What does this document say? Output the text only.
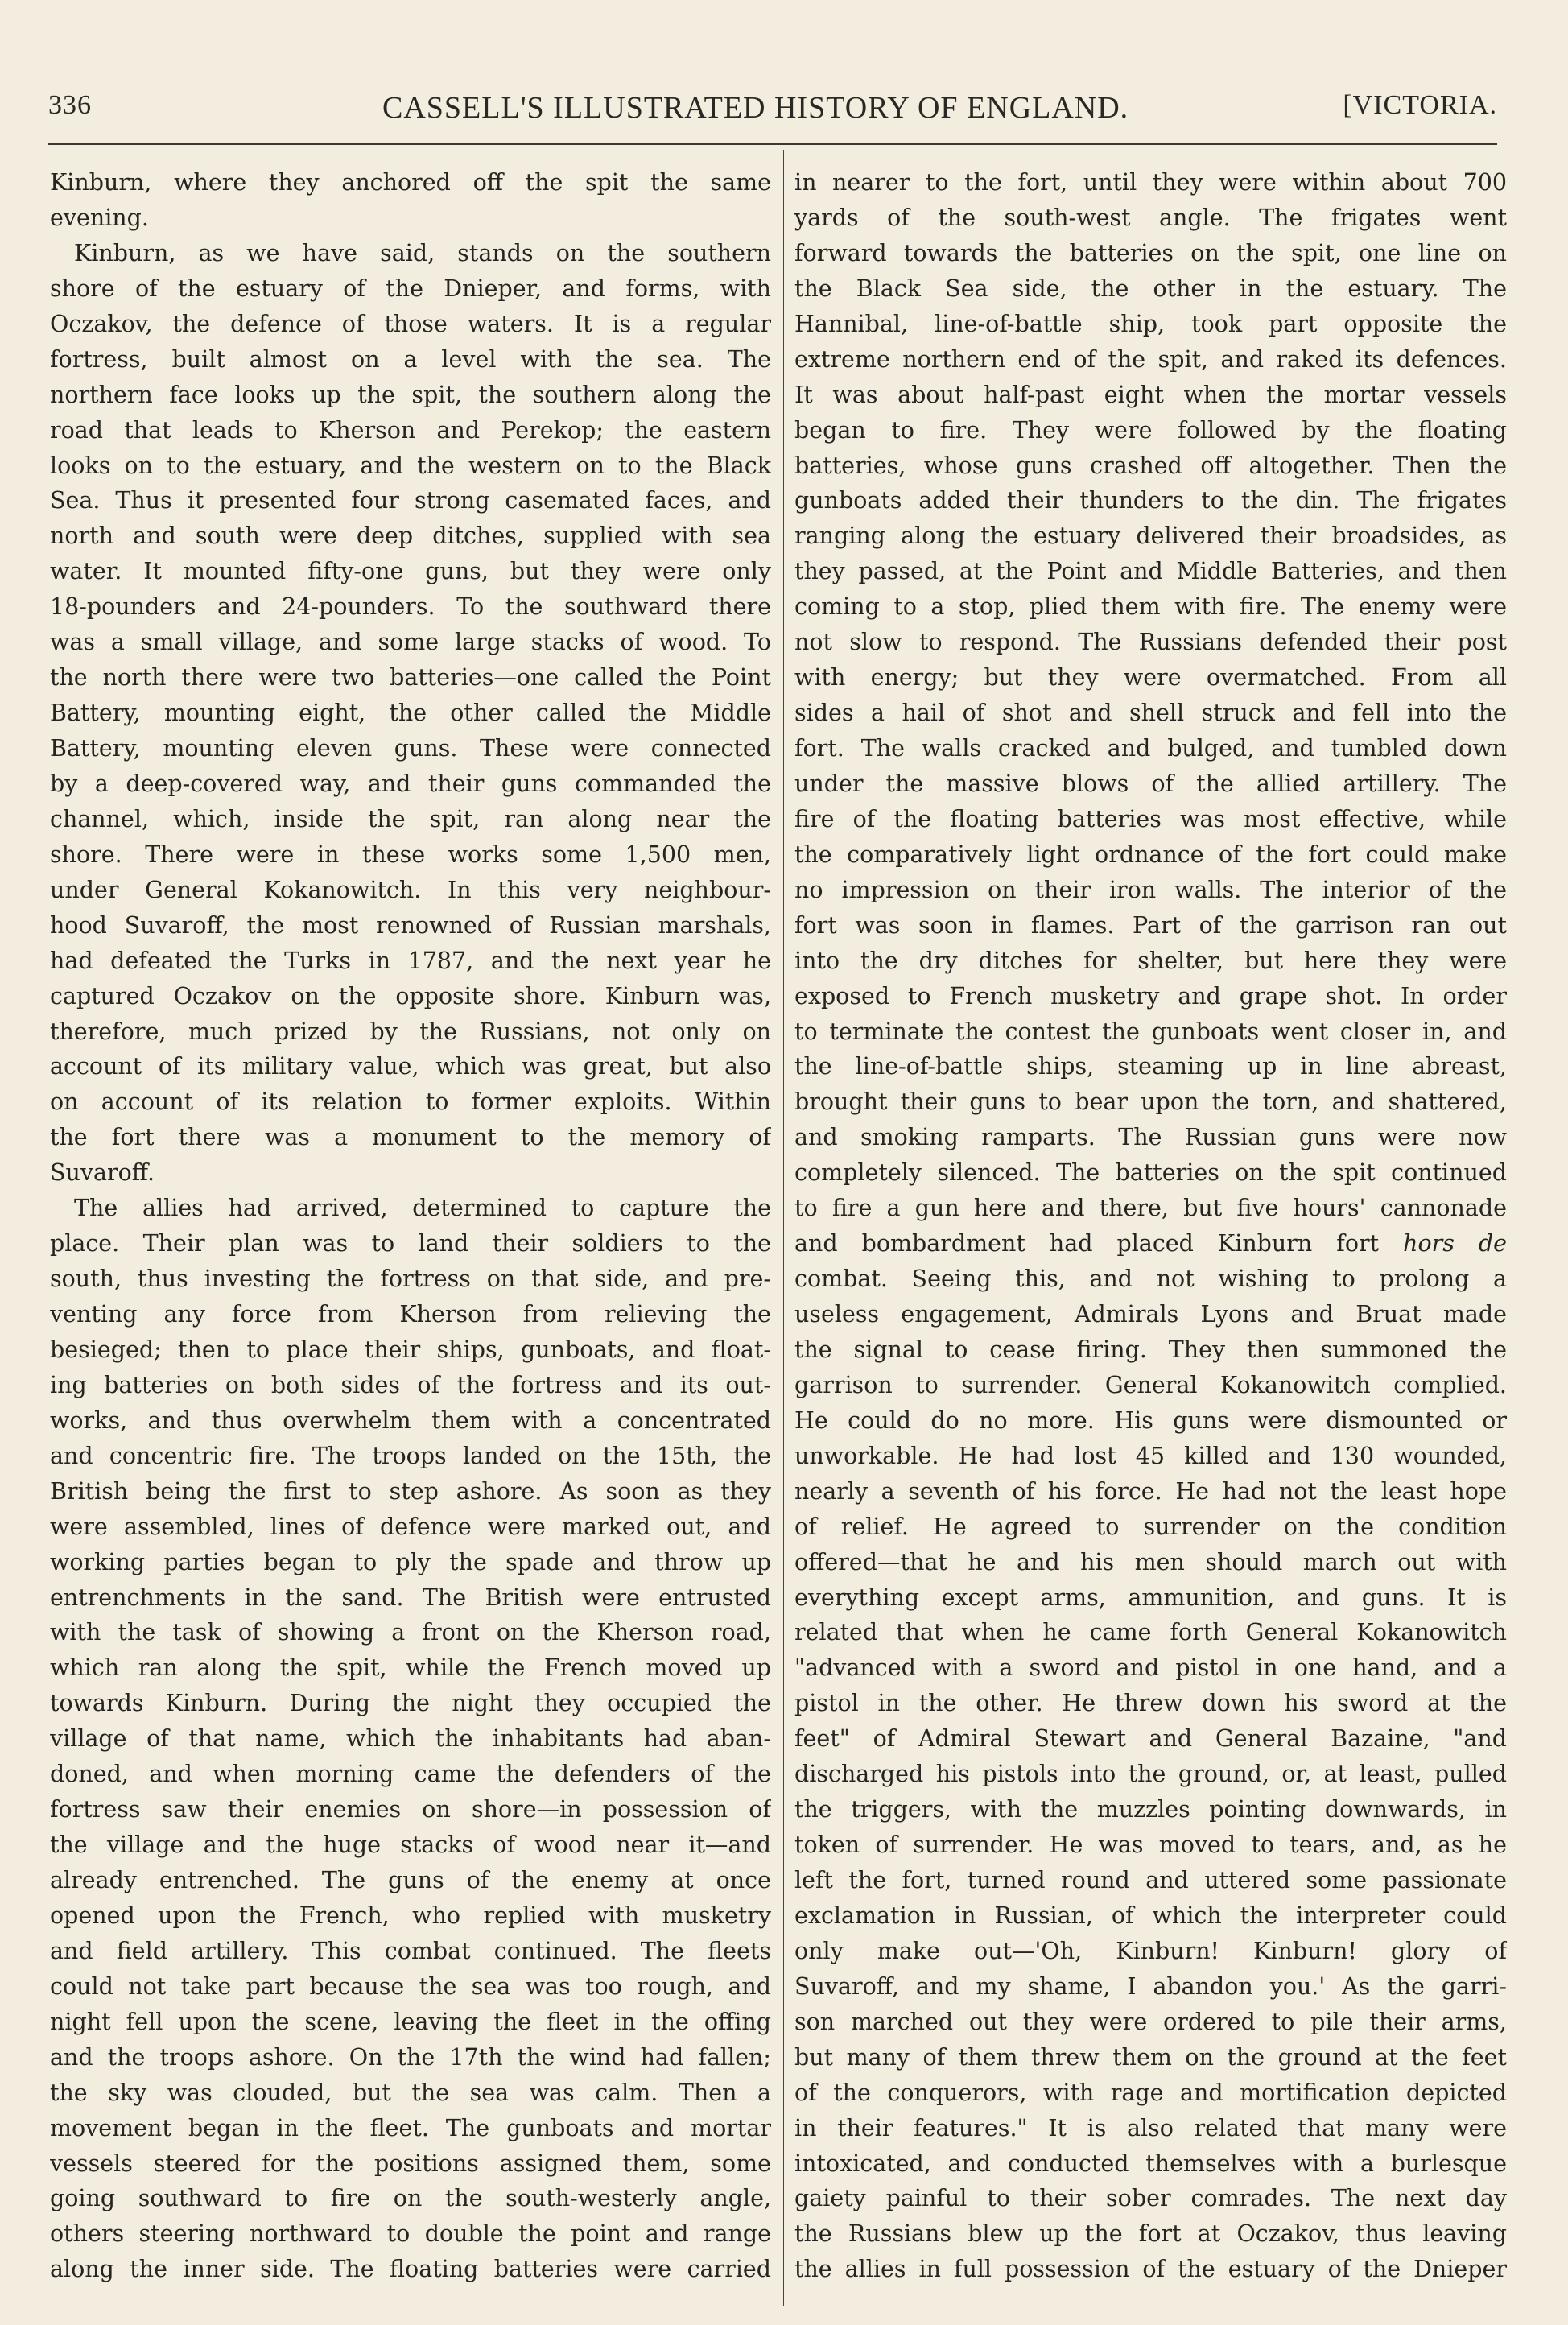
336	CASSELL'S ILLUSTRATED HISTORY OF ENGLAND.	[VICTORIA.
Kinburn, where they anchored off the spit the same
evening.
Kinburn, as we have said, stands on the southern
shore of the estuary of the Dnieper, and forms, with
Oczakov, the defence of those waters. It is a regular
fortress, built almost on a level with the sea. The
northern face looks up the spit, the southern along the
road that leads to Kherson and Perekop; the eastern
looks on to the estuary, and the western on to the Black
Sea. Thus it presented four strong casemated faces, and
north and south were deep ditches, supplied with sea
water. It mounted fifty-one guns, but they were only
18-pounders and 24-pounders. To the southward there
was a small village, and some large stacks of wood. To
the north there were two batteries—one called the Point
Battery, mounting eight, the other called the Middle
Battery, mounting eleven guns. These were connected
by a deep-covered way, and their guns commanded the
channel, which, inside the spit, ran along near the
shore. There were in these works some 1,500 men,
under General Kokanowitch. In this very neighbour-
hood Suvaroff, the most renowned of Russian marshals,
had defeated the Turks in 1787, and the next year he
captured Oczakov on the opposite shore. Kinburn was,
therefore, much prized by the Russians, not only on
account of its military value, which was great, but also
on account of its relation to former exploits. Within
the fort there was a monument to the memory of
Suvaroff.
The allies had arrived, determined to capture the
place. Their plan was to land their soldiers to the
south, thus investing the fortress on that side, and pre-
venting any force from Kherson from relieving the
besieged; then to place their ships, gunboats, and float-
ing batteries on both sides of the fortress and its out-
works, and thus overwhelm them with a concentrated
and concentric fire. The troops landed on the 15th, the
British being the first to step ashore. As soon as they
were assembled, lines of defence were marked out, and
working parties began to ply the spade and throw up
entrenchments in the sand. The British were entrusted
with the task of showing a front on the Kherson road,
which ran along the spit, while the French moved up
towards Kinburn. During the night they occupied the
village of that name, which the inhabitants had aban-
doned, and when morning came the defenders of the
fortress saw their enemies on shore—in possession of
the village and the huge stacks of wood near it—and
already entrenched. The guns of the enemy at once
opened upon the French, who replied with musketry
and field artillery. This combat continued. The fleets
could not take part because the sea was too rough, and
night fell upon the scene, leaving the fleet in the offing
and the troops ashore. On the 17th the wind had fallen;
the sky was clouded, but the sea was calm. Then a
movement began in the fleet. The gunboats and mortar
vessels steered for the positions assigned them, some
going southward to fire on the south-westerly angle,
others steering northward to double the point and range
along the inner side. The floating batteries were carried
in nearer to the fort, until they were within about 700
yards of the south-west angle. The frigates went
forward towards the batteries on the spit, one line on
the Black Sea side, the other in the estuary. The
Hannibal, line-of-battle ship, took part opposite the
extreme northern end of the spit, and raked its defences.
It was about half-past eight when the mortar vessels
began to fire. They were followed by the floating
batteries, whose guns crashed off altogether. Then the
gunboats added their thunders to the din. The frigates
ranging along the estuary delivered their broadsides, as
they passed, at the Point and Middle Batteries, and then
coming to a stop, plied them with fire. The enemy were
not slow to respond. The Russians defended their post
with energy; but they were overmatched. From all
sides a hail of shot and shell struck and fell into the
fort. The walls cracked and bulged, and tumbled down
under the massive blows of the allied artillery. The
fire of the floating batteries was most effective, while
the comparatively light ordnance of the fort could make
no impression on their iron walls. The interior of the
fort was soon in flames. Part of the garrison ran out
into the dry ditches for shelter, but here they were
exposed to French musketry and grape shot. In order
to terminate the contest the gunboats went closer in, and
the line-of-battle ships, steaming up in line abreast,
brought their guns to bear upon the torn, and shattered,
and smoking ramparts. The Russian guns were now
completely silenced. The batteries on the spit continued
to fire a gun here and there, but five hours' cannonade
and bombardment had placed Kinburn fort hors de
combat. Seeing this, and not wishing to prolong a
useless engagement, Admirals Lyons and Bruat made
the signal to cease firing. They then summoned the
garrison to surrender. General Kokanowitch complied.
He could do no more. His guns were dismounted or
unworkable. He had lost 45 killed and 130 wounded,
nearly a seventh of his force. He had not the least hope
of relief. He agreed to surrender on the condition
offered—that he and his men should march out with
everything except arms, ammunition, and guns. It is
related that when he came forth General Kokanowitch
"advanced with a sword and pistol in one hand, and a
pistol in the other. He threw down his sword at the
feet" of Admiral Stewart and General Bazaine, "and
discharged his pistols into the ground, or, at least, pulled
the triggers, with the muzzles pointing downwards, in
token of surrender. He was moved to tears, and, as he
left the fort, turned round and uttered some passionate
exclamation in Russian, of which the interpreter could
only make out—'Oh, Kinburn! Kinburn! glory of
Suvaroff, and my shame, I abandon you.' As the garri-
son marched out they were ordered to pile their arms,
but many of them threw them on the ground at the feet
of the conquerors, with rage and mortification depicted
in their features." It is also related that many were
intoxicated, and conducted themselves with a burlesque
gaiety painful to their sober comrades. The next day
the Russians blew up the fort at Oczakov, thus leaving
the allies in full possession of the estuary of the Dnieper
